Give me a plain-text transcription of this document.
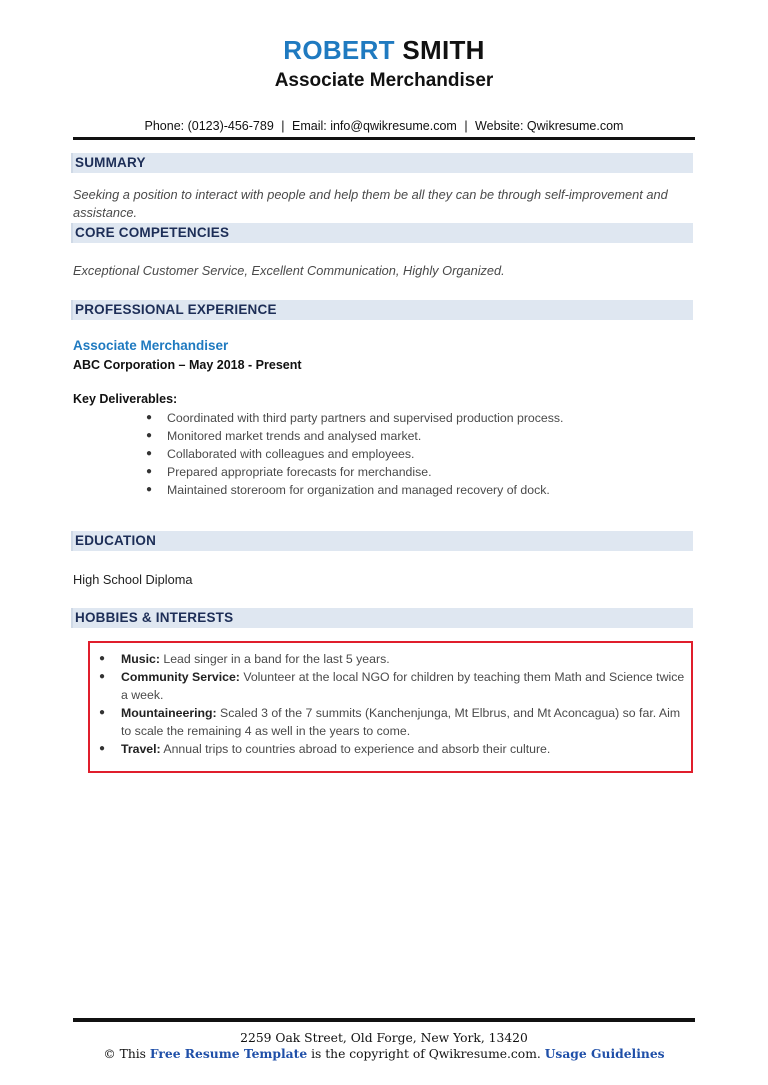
ROBERT SMITH
Associate Merchandiser
Phone: (0123)-456-789 | Email: info@qwikresume.com | Website: Qwikresume.com
SUMMARY
Seeking a position to interact with people and help them be all they can be through self-improvement and assistance.
CORE COMPETENCIES
Exceptional Customer Service, Excellent Communication, Highly Organized.
PROFESSIONAL EXPERIENCE
Associate Merchandiser
ABC Corporation – May 2018 - Present
Key Deliverables:
● Coordinated with third party partners and supervised production process.
● Monitored market trends and analysed market.
● Collaborated with colleagues and employees.
● Prepared appropriate forecasts for merchandise.
● Maintained storeroom for organization and managed recovery of dock.
EDUCATION
High School Diploma
HOBBIES & INTERESTS
● Music: Lead singer in a band for the last 5 years.
● Community Service: Volunteer at the local NGO for children by teaching them Math and Science twice a week.
● Mountaineering: Scaled 3 of the 7 summits (Kanchenjunga, Mt Elbrus, and Mt Aconcagua) so far. Aim to scale the remaining 4 as well in the years to come.
● Travel: Annual trips to countries abroad to experience and absorb their culture.
2259 Oak Street, Old Forge, New York, 13420
© This Free Resume Template is the copyright of Qwikresume.com. Usage Guidelines
